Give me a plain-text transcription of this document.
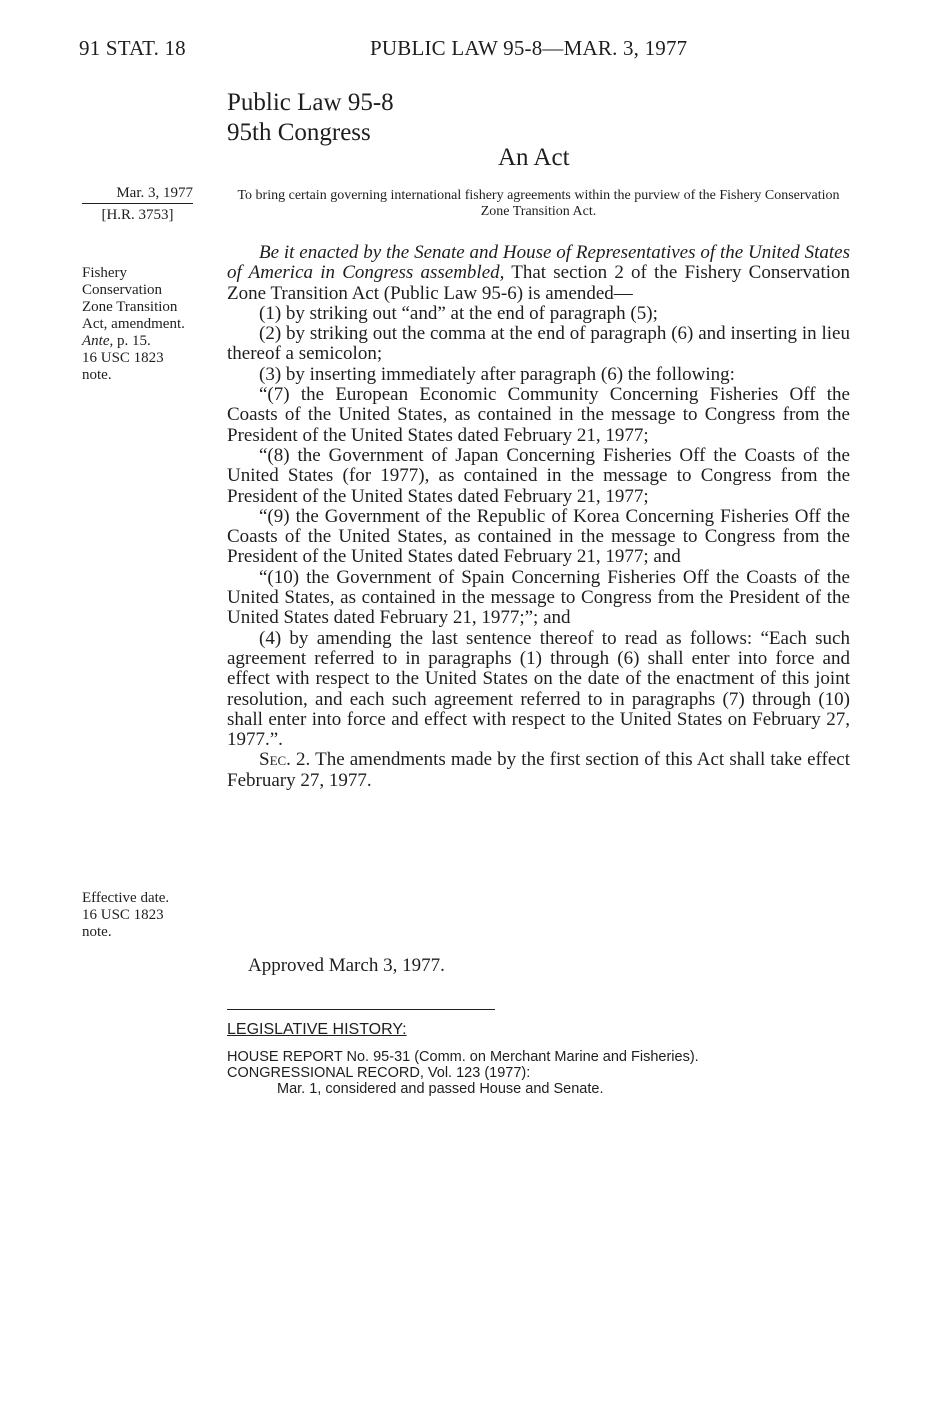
91 STAT. 18	PUBLIC LAW 95-8—MAR. 3, 1977
Public Law 95-8
95th Congress
An Act
Mar. 3, 1977
[H.R. 3753]
To bring certain governing international fishery agreements within the purview of the Fishery Conservation Zone Transition Act.
Fishery
Conservation
Zone Transition
Act, amendment.
Ante, p. 15.
16 USC 1823
note.

Be it enacted by the Senate and House of Representatives of the United States of America in Congress assembled, That section 2 of the Fishery Conservation Zone Transition Act (Public Law 95-6) is amended—

(1) by striking out “and” at the end of paragraph (5);

(2) by striking out the comma at the end of paragraph (6) and inserting in lieu thereof a semicolon;

(3) by inserting immediately after paragraph (6) the following:

“(7) the European Economic Community Concerning Fisheries Off the Coasts of the United States, as contained in the message to Congress from the President of the United States dated February 21, 1977;

“(8) the Government of Japan Concerning Fisheries Off the Coasts of the United States (for 1977), as contained in the message to Congress from the President of the United States dated February 21, 1977;

“(9) the Government of the Republic of Korea Concerning Fisheries Off the Coasts of the United States, as contained in the message to Congress from the President of the United States dated February 21, 1977; and

“(10) the Government of Spain Concerning Fisheries Off the Coasts of the United States, as contained in the message to Congress from the President of the United States dated February 21, 1977;”; and

(4) by amending the last sentence thereof to read as follows: “Each such agreement referred to in paragraphs (1) through (6) shall enter into force and effect with respect to the United States on the date of the enactment of this joint resolution, and each such agreement referred to in paragraphs (7) through (10) shall enter into force and effect with respect to the United States on February 27, 1977.”.

Sec. 2. The amendments made by the first section of this Act shall take effect February 27, 1977.

Effective date.
16 USC 1823
note.
Approved March 3, 1977.
LEGISLATIVE HISTORY:
HOUSE REPORT No. 95-31 (Comm. on Merchant Marine and Fisheries).
CONGRESSIONAL RECORD, Vol. 123 (1977):
Mar. 1, considered and passed House and Senate.
